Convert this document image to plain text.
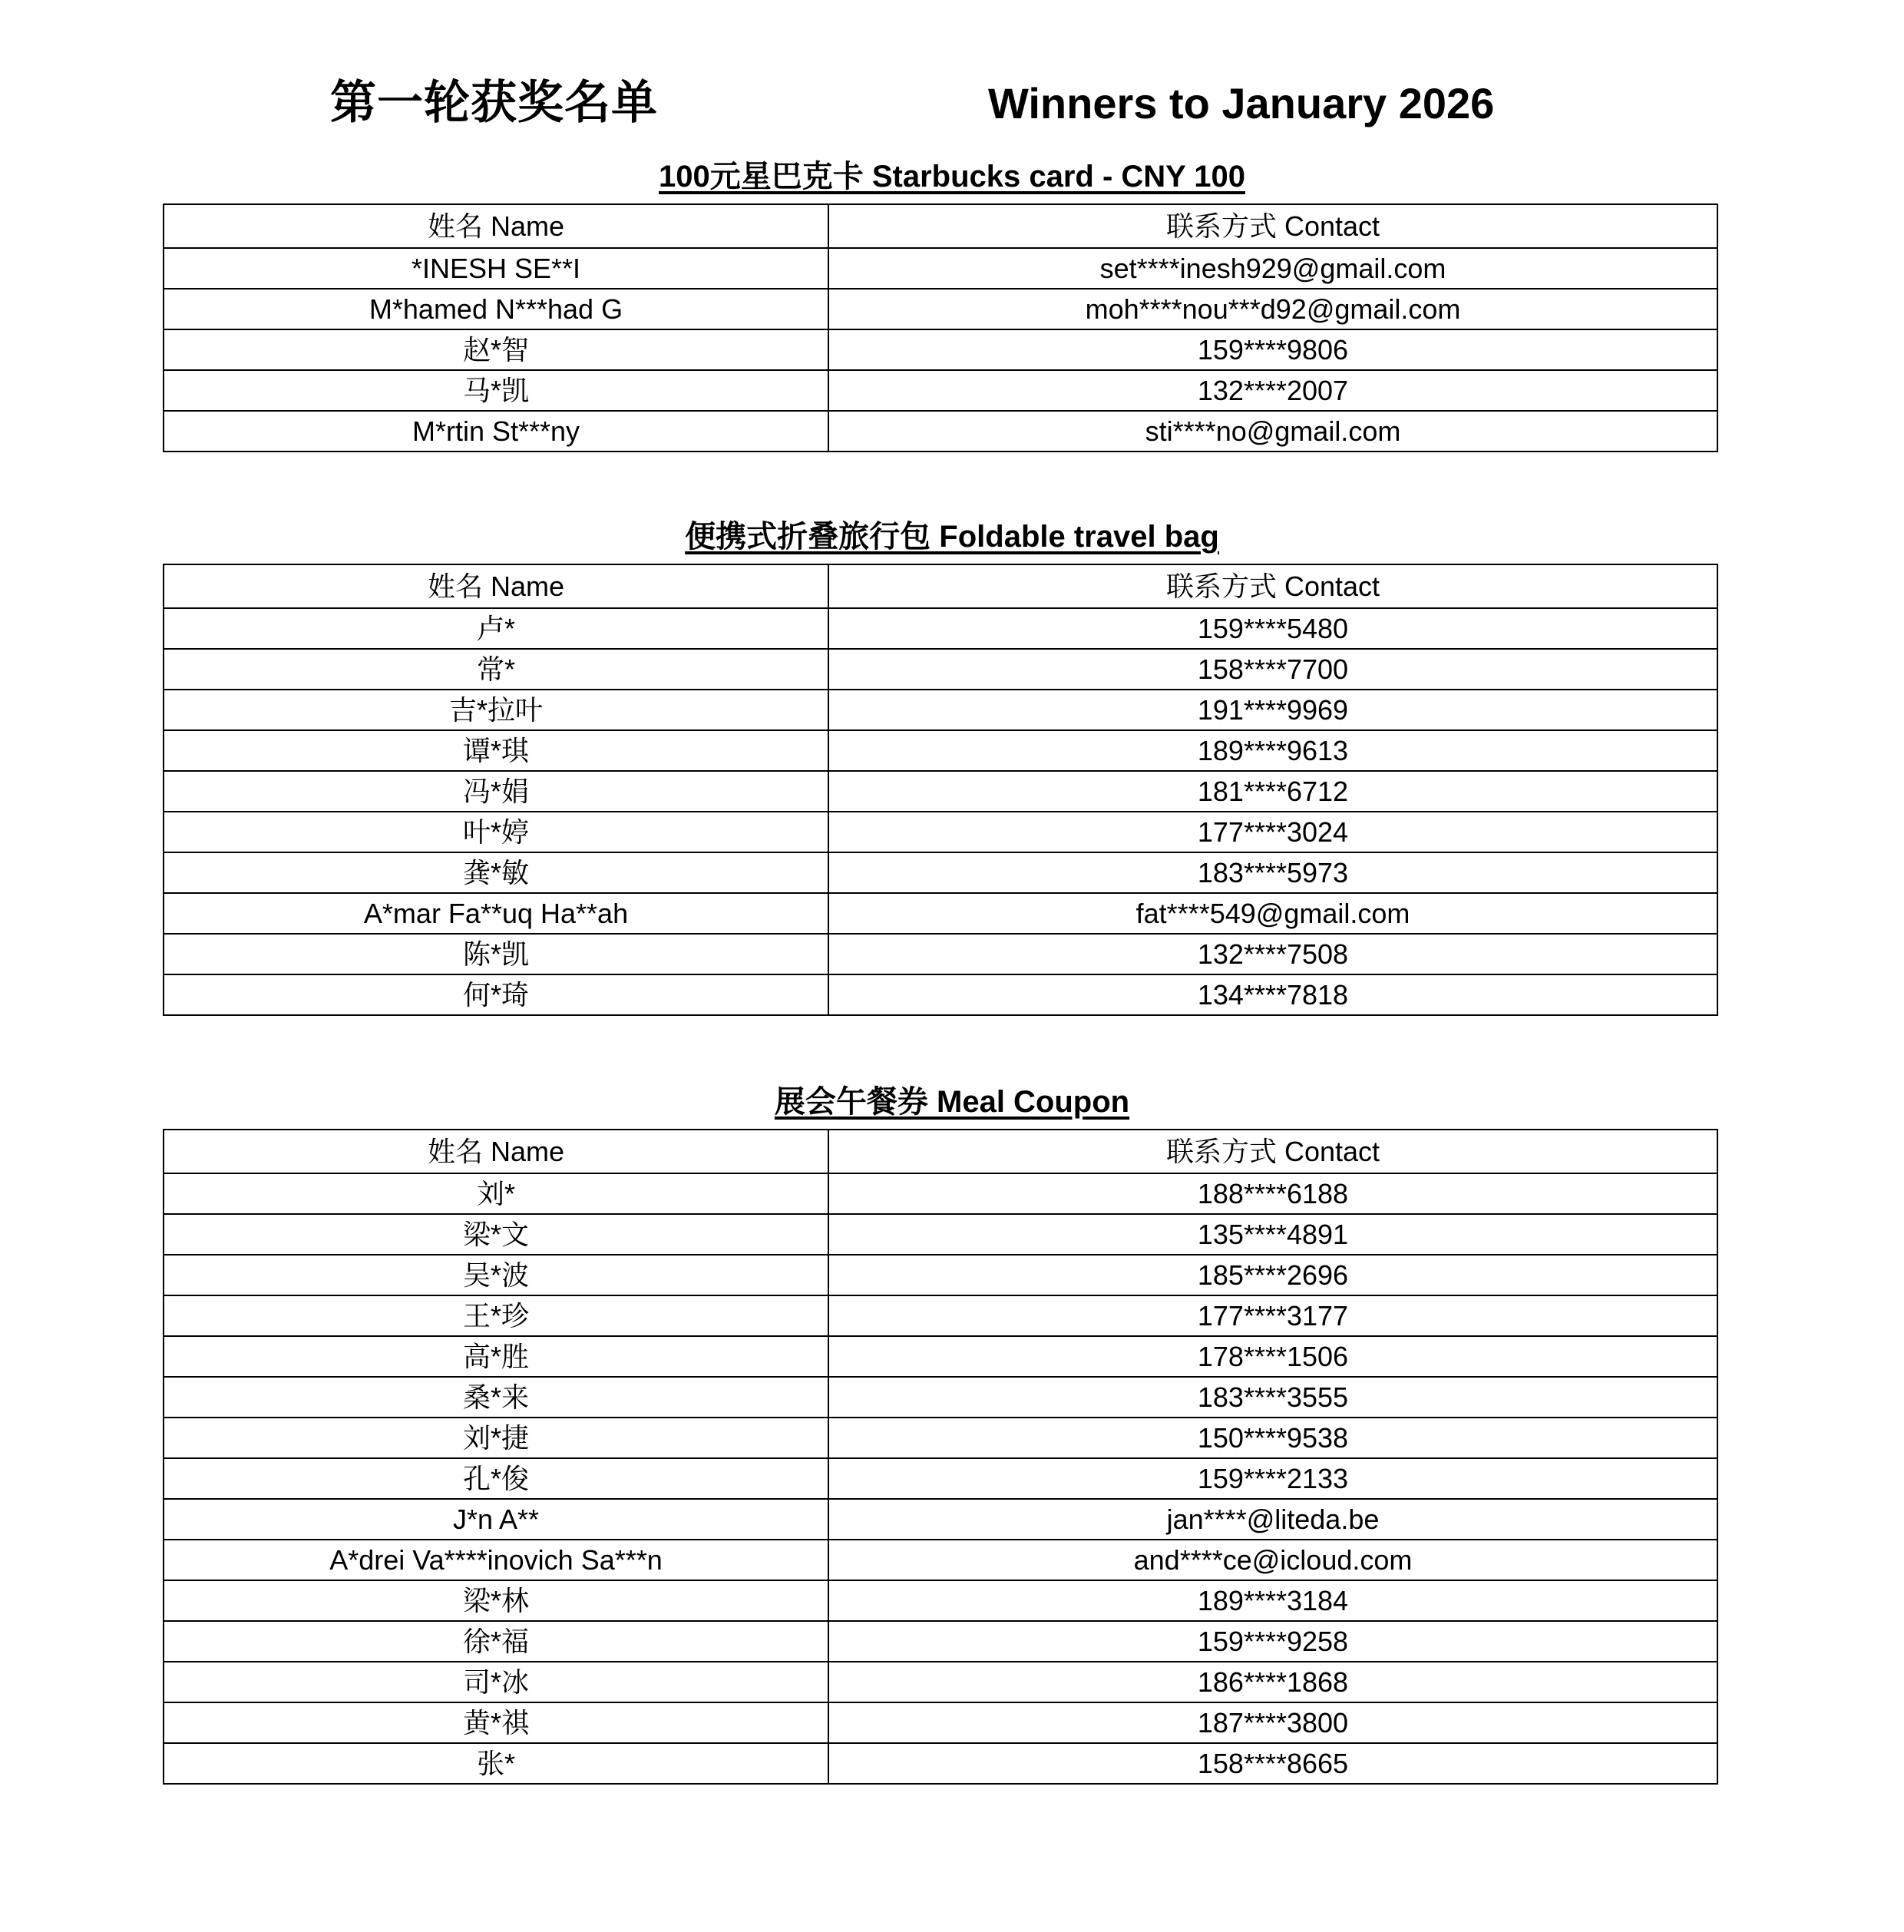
第一轮获奖名单	Winners to January 2026
100元星巴克卡 Starbucks card - CNY 100
姓名 Name	联系方式 Contact
*INESH SE**I	set****inesh929@gmail.com
M*hamed N***had G	moh****nou***d92@gmail.com
赵*智	159****9806
马*凯	132****2007
M*rtin St***ny	sti****no@gmail.com
便携式折叠旅行包 Foldable travel bag
姓名 Name	联系方式 Contact
卢*	159****5480
常*	158****7700
吉*拉叶	191****9969
谭*琪	189****9613
冯*娟	181****6712
叶*婷	177****3024
龚*敏	183****5973
A*mar Fa**uq Ha**ah	fat****549@gmail.com
陈*凯	132****7508
何*琦	134****7818
展会午餐券 Meal Coupon
姓名 Name	联系方式 Contact
刘*	188****6188
梁*文	135****4891
吴*波	185****2696
王*珍	177****3177
高*胜	178****1506
桑*来	183****3555
刘*捷	150****9538
孔*俊	159****2133
J*n A**	jan****@liteda.be
A*drei Va****inovich Sa***n	and****ce@icloud.com
梁*林	189****3184
徐*福	159****9258
司*冰	186****1868
黄*祺	187****3800
张*	158****8665
